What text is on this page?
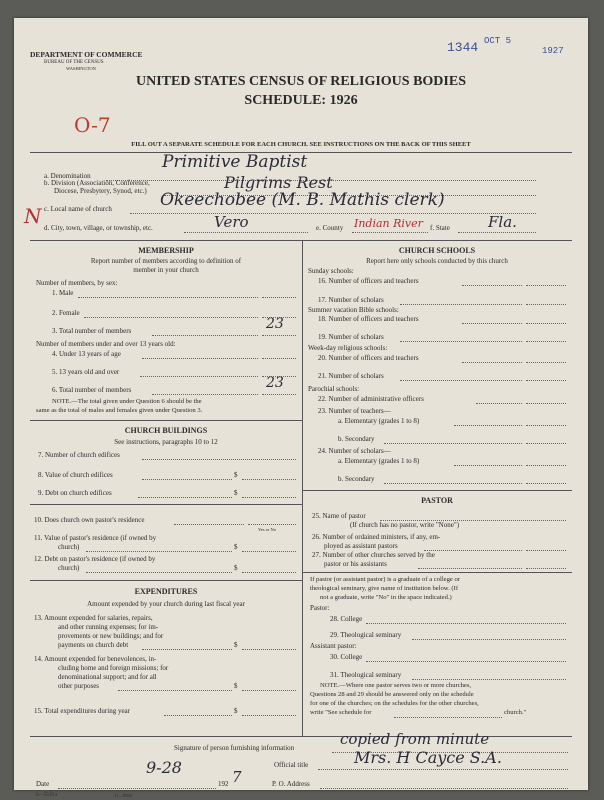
DEPARTMENT OF COMMERCE
BUREAU OF THE CENSUS
WASHINGTON
1344 OCT 5
1927
UNITED STATES CENSUS OF RELIGIOUS BODIES
SCHEDULE: 1926
O-7
FILL OUT A SEPARATE SCHEDULE FOR EACH CHURCH. SEE INSTRUCTIONS ON THE BACK OF THIS SHEET
a. Denomination
Primitive Baptist
b. Division (Association, Conference,
Diocese, Presbytery, Synod, etc.)	Pilgrims Rest
c. Local name of church	Okeechobee (M. B. Mathis clerk)
d. City, town, village, or township, etc.	Vero	e. County Indian River f. State	Fla.
N
MEMBERSHIP
Report number of members according to definition of
member in your church
Number of members, by sex:
1. Male
2. Female
3. Total number of members	23
Number of members under and over 13 years old:
4. Under 13 years of age
5. 13 years old and over
6. Total number of members	23
NOTE.—The total given under Question 6 should be the
same as the total of males and females given under Question 3.
CHURCH BUILDINGS
See instructions, paragraphs 10 to 12
7. Number of church edifices
8. Value of church edifices	$
9. Debt on church edifices	$
10. Does church own pastor's residence
Yes or No
11. Value of pastor's residence (if owned by
church)	$
12. Debt on pastor's residence (if owned by
church)	$
EXPENDITURES
Amount expended by your church during last fiscal year
13. Amount expended for salaries, repairs,
and other running expenses; for im-
provements or new buildings; and for
payments on church debt	$
14. Amount expended for benevolences, in-
cluding home and foreign missions; for
denominational support; and for all
other purposes	$
15. Total expenditures during year	$
CHURCH SCHOOLS
Report here only schools conducted by this church
Sunday schools:
16. Number of officers and teachers
17. Number of scholars
Summer vacation Bible schools:
18. Number of officers and teachers
19. Number of scholars
Week-day religious schools:
20. Number of officers and teachers
21. Number of scholars
Parochial schools:
22. Number of administrative officers
23. Number of teachers—
a. Elementary (grades 1 to 8)
b. Secondary
24. Number of scholars—
a. Elementary (grades 1 to 8)
b. Secondary
PASTOR
25. Name of pastor
(If church has no pastor, write "None")
26. Number of ordained ministers, if any, em-
ployed as assistant pastors
27. Number of other churches served by the
pastor or his assistants
If pastor (or assistant pastor) is a graduate of a college or
theological seminary, give name of institution below. (If
not a graduate, write "No" in the space indicated.)
Pastor:
28. College
29. Theological seminary
Assistant pastor:
30. College
31. Theological seminary
NOTE.—Where one pastor serves two or more churches,
Questions 28 and 29 should be answered only on the schedule
for one of the churches; on the schedules for the other churches,
write "See schedule for	church."
Signature of person furnishing information	copied from minute
Official title	Mrs. H Cayce S.A.
Date
9-28
192 7	P. O. Address
S—5519 a	11—9584
